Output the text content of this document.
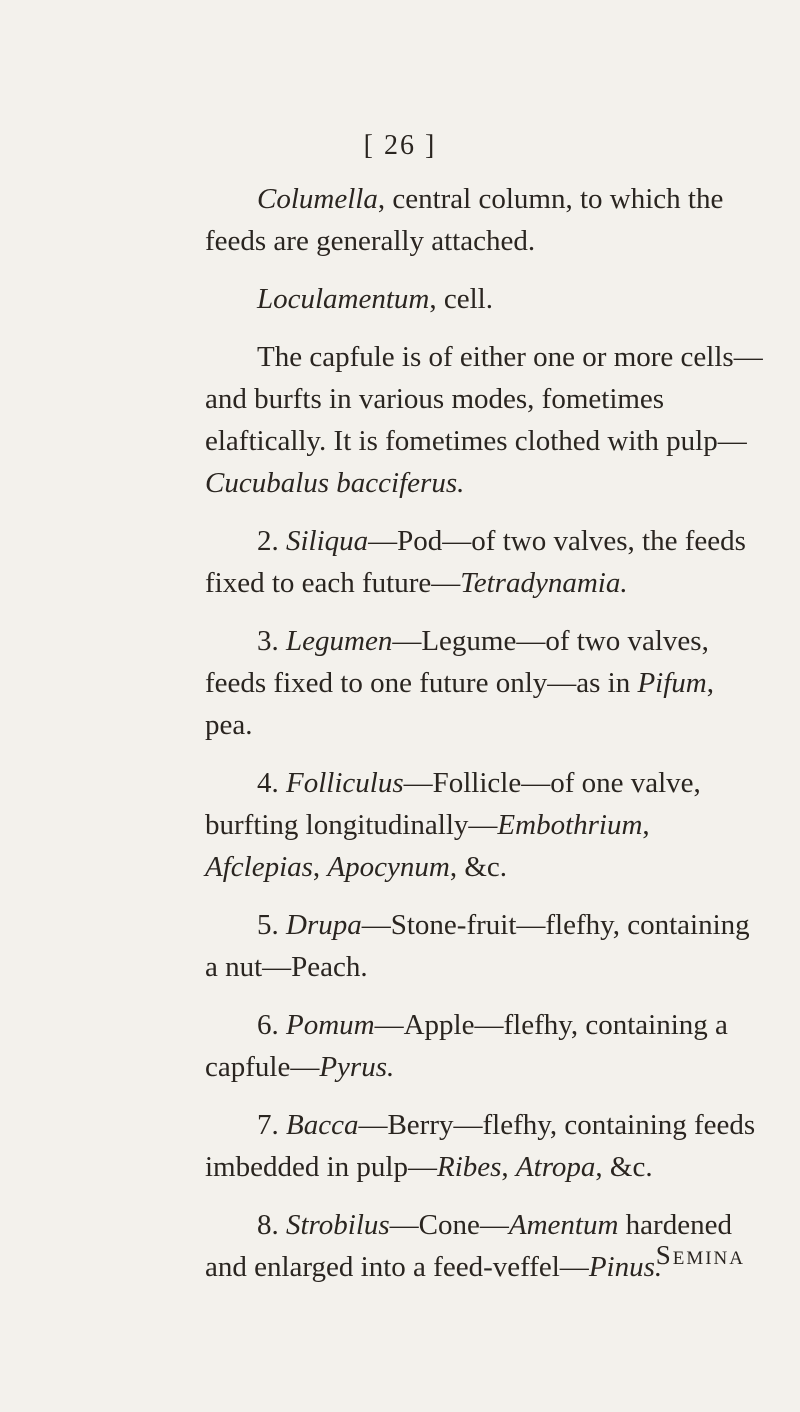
[ 26 ]

Columella, central column, to which the feeds are generally attached.

Loculamentum, cell.

The capfule is of either one or more cells—and burfts in various modes, fometimes elaftically. It is fometimes clothed with pulp—Cucubalus bacciferus.

2. Siliqua—Pod—of two valves, the feeds fixed to each future—Tetradynamia.

3. Legumen—Legume—of two valves, feeds fixed to one future only—as in Pifum, pea.

4. Folliculus—Follicle—of one valve, burfting longitudinally—Embothrium, Afclepias, Apocynum, &c.

5. Drupa—Stone-fruit—flefhy, containing a nut—Peach.

6. Pomum—Apple—flefhy, containing a capfule—Pyrus.

7. Bacca—Berry—flefhy, containing feeds imbedded in pulp—Ribes, Atropa, &c.

8. Strobilus—Cone—Amentum hardened and enlarged into a feed-veffel—Pinus.

Semina
